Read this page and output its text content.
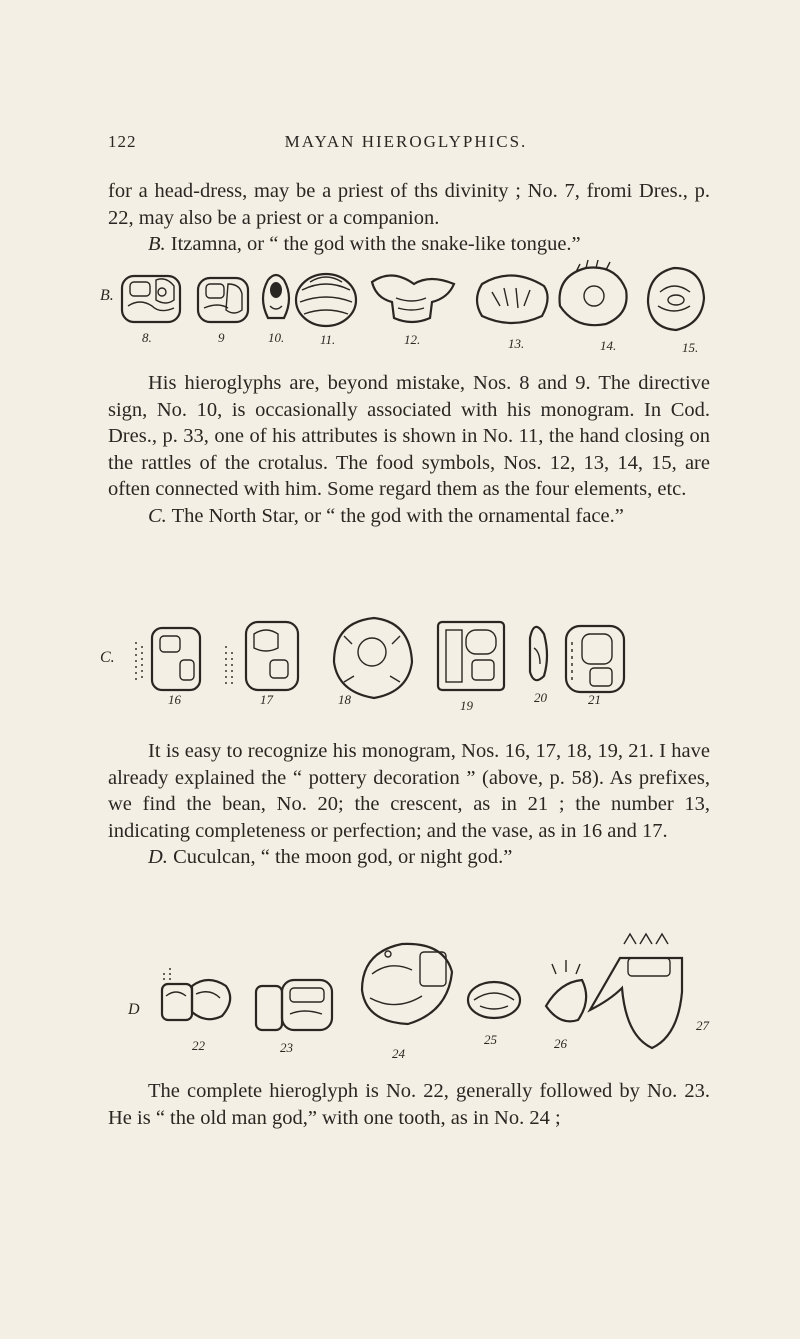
122	MAYAN HIEROGLYPHICS.

for a head-dress, may be a priest of ths divinity ; No. 7, fromi Dres., p. 22, may also be a priest or a companion.

B. Itzamna, or “ the god with the snake-like tongue.”

B.
8.	9	10.	11.	12.	13.	14.	15.

His hieroglyphs are, beyond mistake, Nos. 8 and 9. The directive sign, No. 10, is occasionally associated with his monogram. In Cod. Dres., p. 33, one of his attributes is shown in No. 11, the hand closing on the rattles of the crotalus. The food symbols, Nos. 12, 13, 14, 15, are often connected with him. Some regard them as the four elements, etc.

C. The North Star, or “ the god with the ornamental face.”

C.
16	17	18	19
20	21

It is easy to recognize his monogram, Nos. 16, 17, 18, 19, 21. I have already explained the “ pottery decoration ” (above, p. 58). As prefixes, we find the bean, No. 20; the crescent, as in 21 ; the number 13, indicating completeness or perfection; and the vase, as in 16 and 17.

D. Cuculcan, “ the moon god, or night god.”

D
22	23	24
25	26
27

The complete hieroglyph is No. 22, generally followed by No. 23. He is “ the old man god,” with one tooth, as in No. 24 ;
